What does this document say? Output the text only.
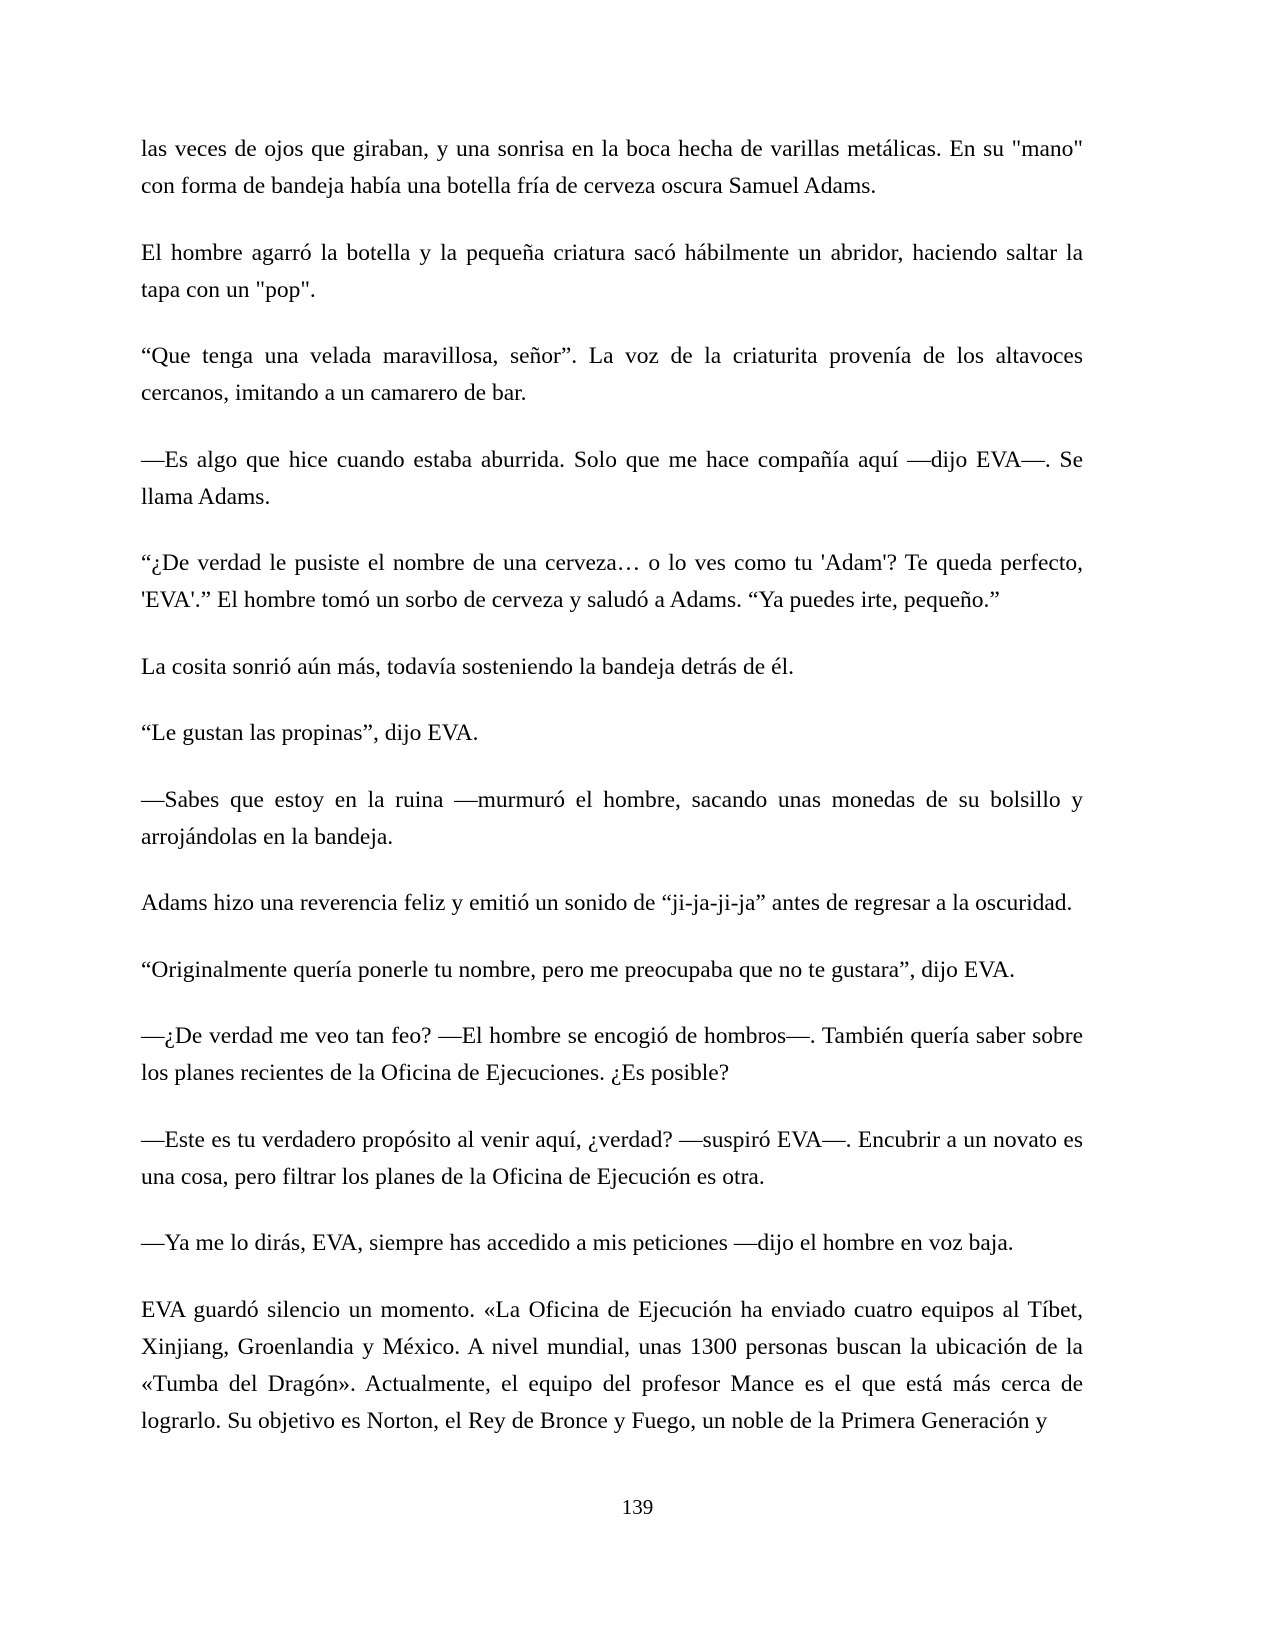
las veces de ojos que giraban, y una sonrisa en la boca hecha de varillas metálicas. En su "mano" con forma de bandeja había una botella fría de cerveza oscura Samuel Adams.

El hombre agarró la botella y la pequeña criatura sacó hábilmente un abridor, haciendo saltar la tapa con un "pop".

“Que tenga una velada maravillosa, señor”. La voz de la criaturita provenía de los altavoces cercanos, imitando a un camarero de bar.

—Es algo que hice cuando estaba aburrida. Solo que me hace compañía aquí —dijo EVA—. Se llama Adams.

“¿De verdad le pusiste el nombre de una cerveza… o lo ves como tu 'Adam'? Te queda perfecto, 'EVA'.” El hombre tomó un sorbo de cerveza y saludó a Adams. “Ya puedes irte, pequeño.”

La cosita sonrió aún más, todavía sosteniendo la bandeja detrás de él.

“Le gustan las propinas”, dijo EVA.

—Sabes que estoy en la ruina —murmuró el hombre, sacando unas monedas de su bolsillo y arrojándolas en la bandeja.

Adams hizo una reverencia feliz y emitió un sonido de “ji-ja-ji-ja” antes de regresar a la oscuridad.

“Originalmente quería ponerle tu nombre, pero me preocupaba que no te gustara”, dijo EVA.

—¿De verdad me veo tan feo? —El hombre se encogió de hombros—. También quería saber sobre los planes recientes de la Oficina de Ejecuciones. ¿Es posible?

—Este es tu verdadero propósito al venir aquí, ¿verdad? —suspiró EVA—. Encubrir a un novato es una cosa, pero filtrar los planes de la Oficina de Ejecución es otra.

—Ya me lo dirás, EVA, siempre has accedido a mis peticiones —dijo el hombre en voz baja.

EVA guardó silencio un momento. «La Oficina de Ejecución ha enviado cuatro equipos al Tíbet, Xinjiang, Groenlandia y México. A nivel mundial, unas 1300 personas buscan la ubicación de la «Tumba del Dragón». Actualmente, el equipo del profesor Mance es el que está más cerca de lograrlo. Su objetivo es Norton, el Rey de Bronce y Fuego, un noble de la Primera Generación y

139
